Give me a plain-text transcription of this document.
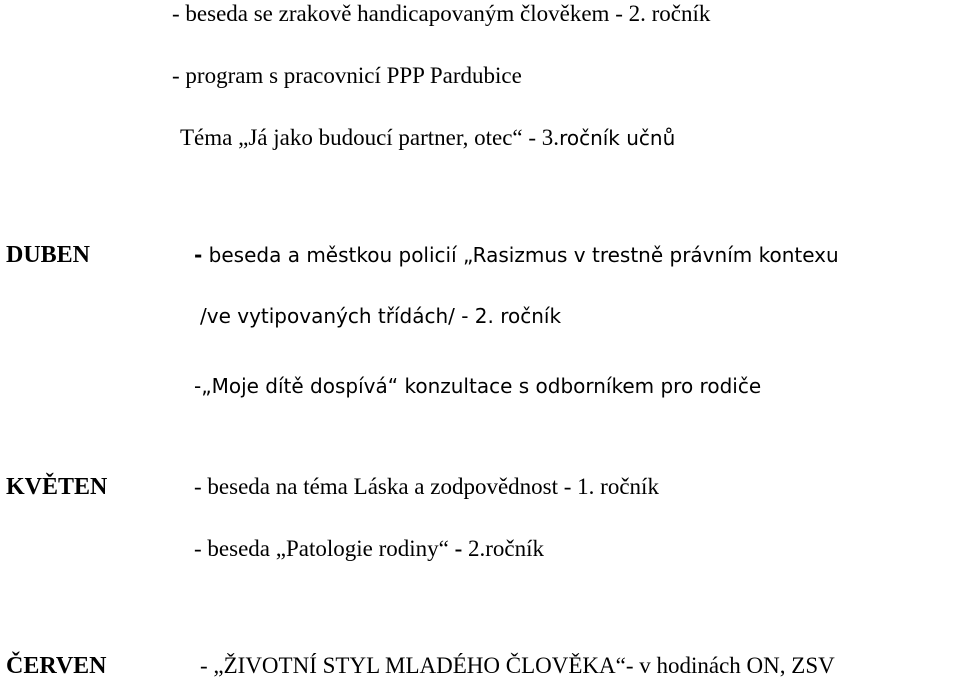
- beseda se zrakově handicapovaným člověkem - 2. ročník
- program s pracovnicí PPP Pardubice
Téma „Já jako budoucí partner, otec“ - 3.ročník učnů
DUBEN	- beseda a městkou policií „Rasizmus v trestně právním kontexu
/ve vytipovaných třídách/ - 2. ročník
-„Moje dítě dospívá“ konzultace s odborníkem pro rodiče
KVĚTEN	- beseda na téma Láska a zodpovědnost - 1. ročník
- beseda „Patologie rodiny“ - 2.ročník
ČERVEN	- „ŽIVOTNÍ STYL MLADÉHO ČLOVĚKA“- v hodinách ON, ZSV
